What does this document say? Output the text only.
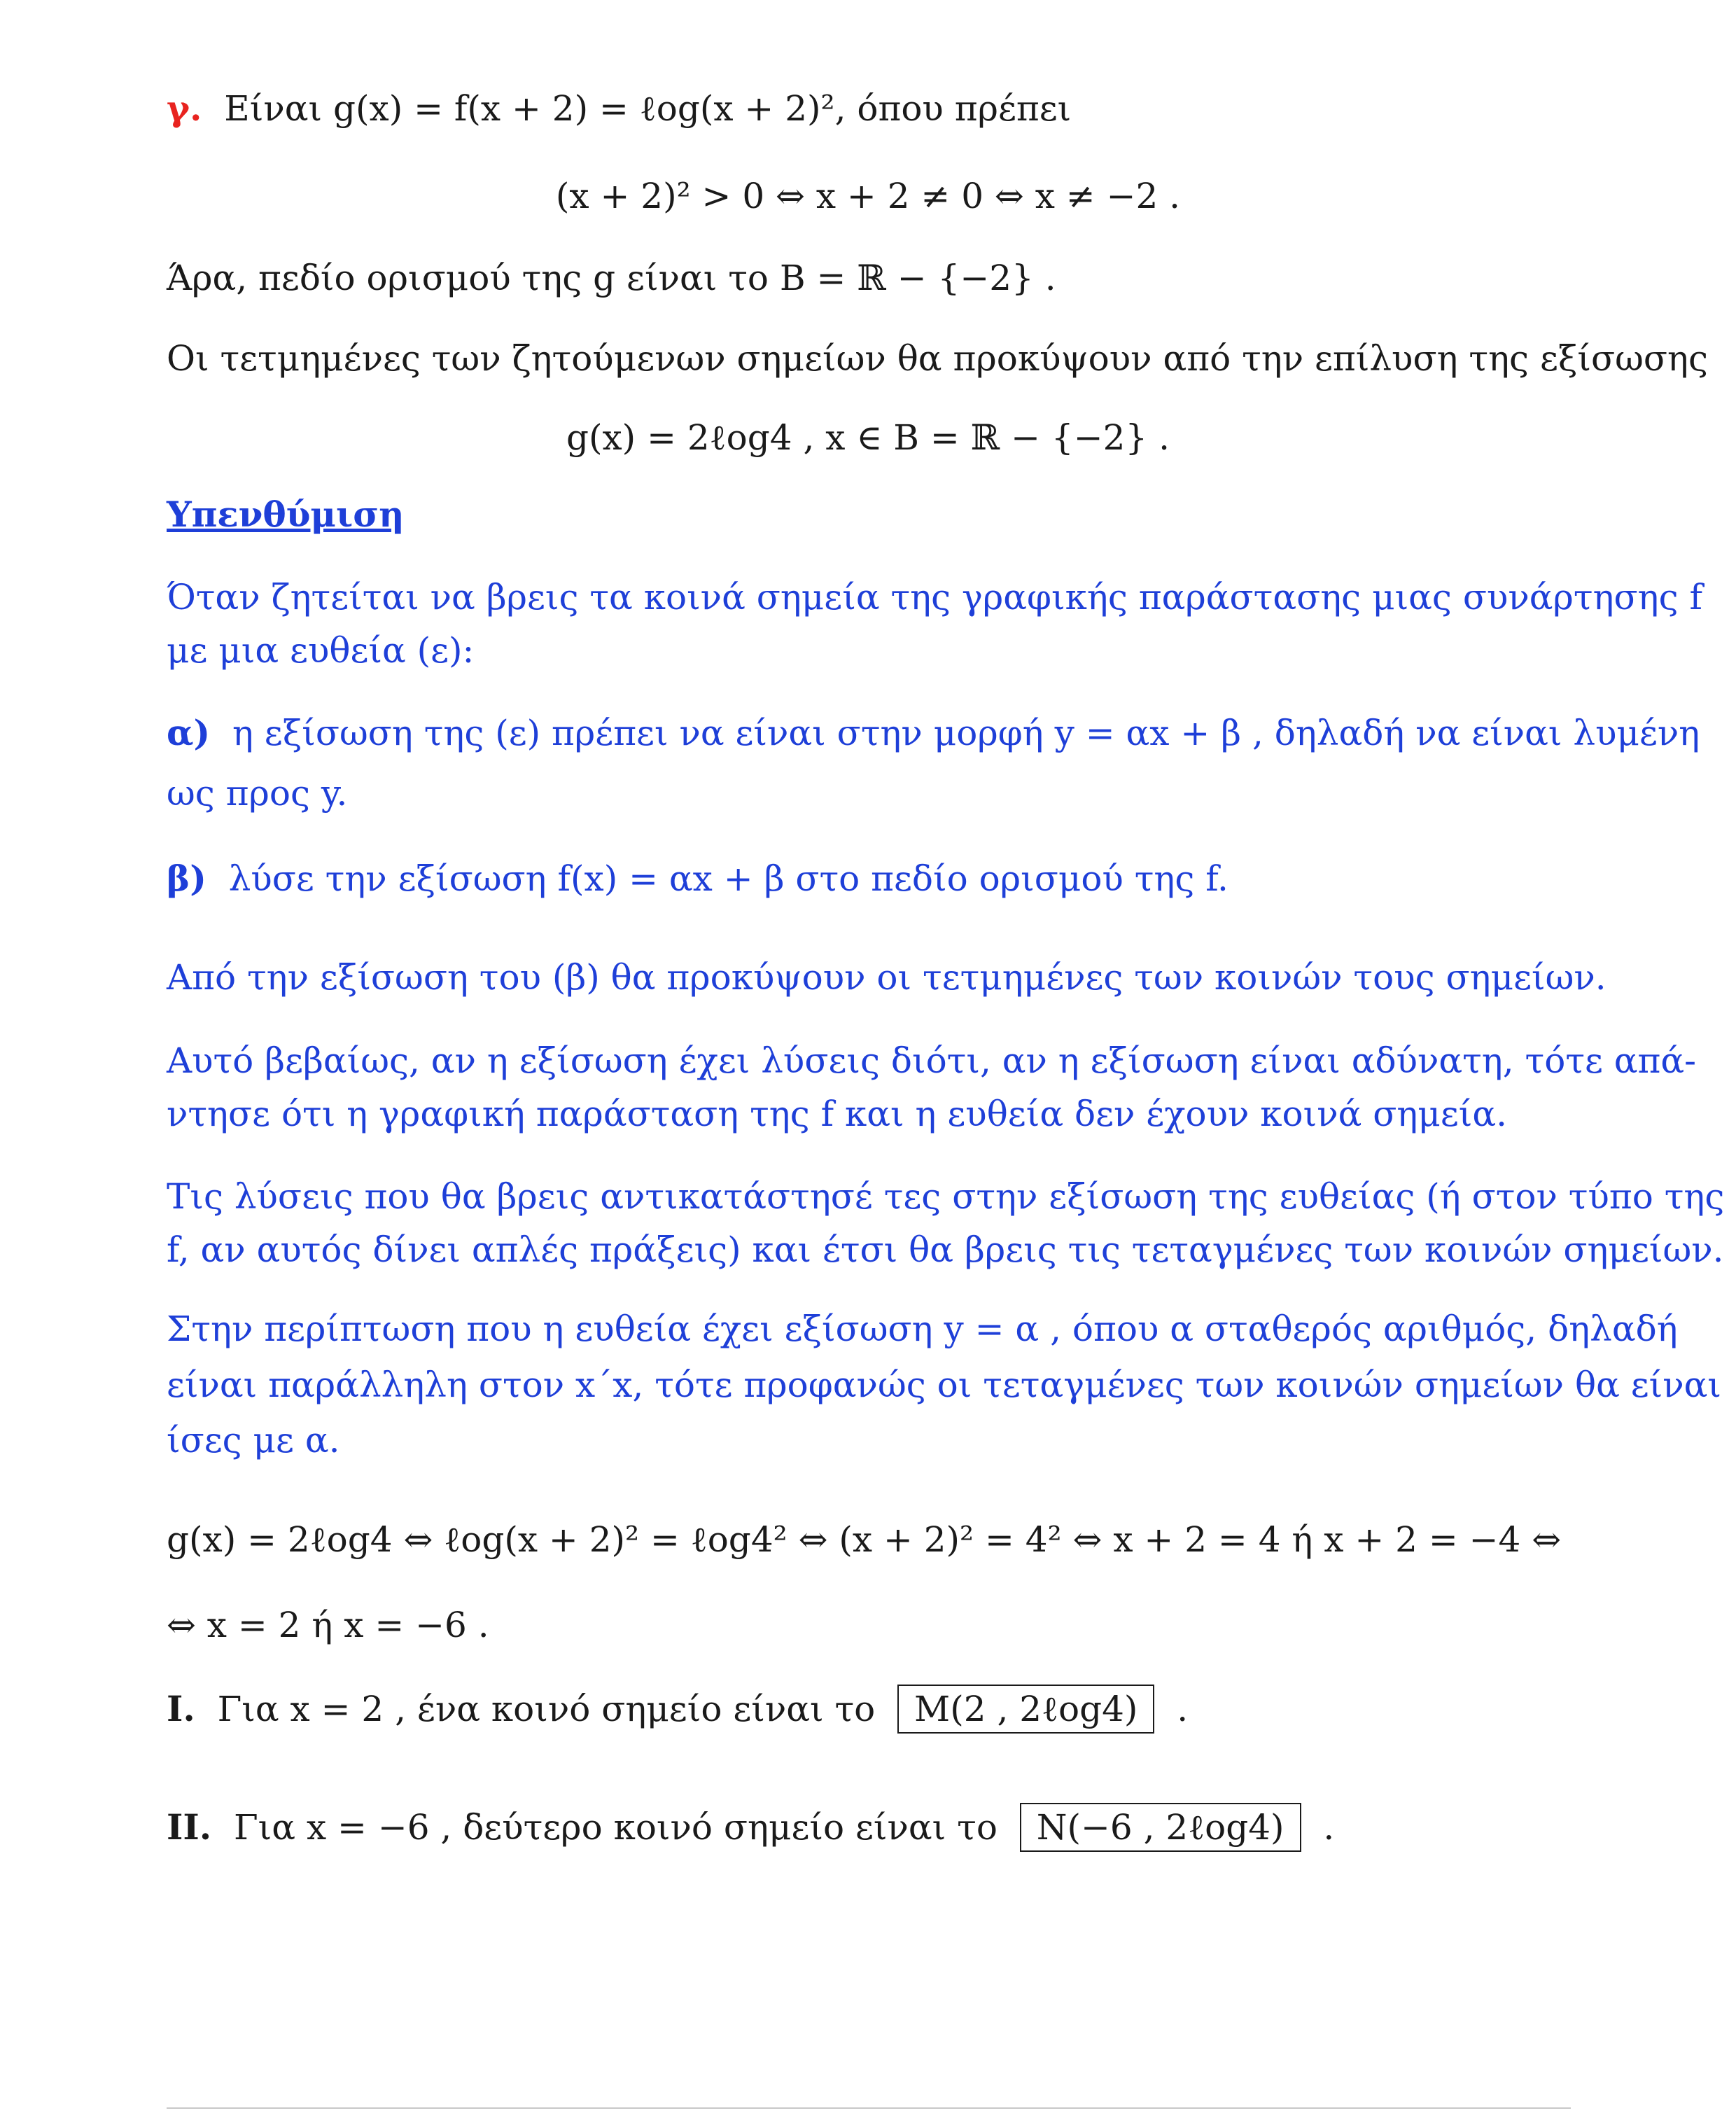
γ. Είναι g(x) = f(x + 2) = ℓog(x + 2)², όπου πρέπει
(x + 2)² > 0 ⇔ x + 2 ≠ 0 ⇔ x ≠ −2 .
Άρα, πεδίο ορισμού της g είναι το B = ℝ − {−2} .
Οι τετμημένες των ζητούμενων σημείων θα προκύψουν από την επίλυση της εξίσωσης
g(x) = 2ℓog4 , x ∈ B = ℝ − {−2} .
Υπενθύμιση
Όταν ζητείται να βρεις τα κοινά σημεία της γραφικής παράστασης μιας συνάρτησης f
με μια ευθεία (ε):
α) η εξίσωση της (ε) πρέπει να είναι στην μορφή y = αx + β , δηλαδή να είναι λυμένη
ως προς y.
β) λύσε την εξίσωση f(x) = αx + β στο πεδίο ορισμού της f.
Από την εξίσωση του (β) θα προκύψουν οι τετμημένες των κοινών τους σημείων.
Αυτό βεβαίως, αν η εξίσωση έχει λύσεις διότι, αν η εξίσωση είναι αδύνατη, τότε απά-
ντησε ότι η γραφική παράσταση της f και η ευθεία δεν έχουν κοινά σημεία.
Τις λύσεις που θα βρεις αντικατάστησέ τες στην εξίσωση της ευθείας (ή στον τύπο της
f, αν αυτός δίνει απλές πράξεις) και έτσι θα βρεις τις τεταγμένες των κοινών σημείων.
Στην περίπτωση που η ευθεία έχει εξίσωση y = α , όπου α σταθερός αριθμός, δηλαδή
είναι παράλληλη στον x΄x, τότε προφανώς οι τεταγμένες των κοινών σημείων θα είναι
ίσες με α.
g(x) = 2ℓog4 ⇔ ℓog(x + 2)² = ℓog4² ⇔ (x + 2)² = 4² ⇔ x + 2 = 4 ή x + 2 = −4 ⇔
⇔ x = 2 ή x = −6 .
Ι. Για x = 2 , ένα κοινό σημείο είναι το M(2 , 2ℓog4) .
ΙΙ. Για x = −6 , δεύτερο κοινό σημείο είναι το N(−6 , 2ℓog4) .
